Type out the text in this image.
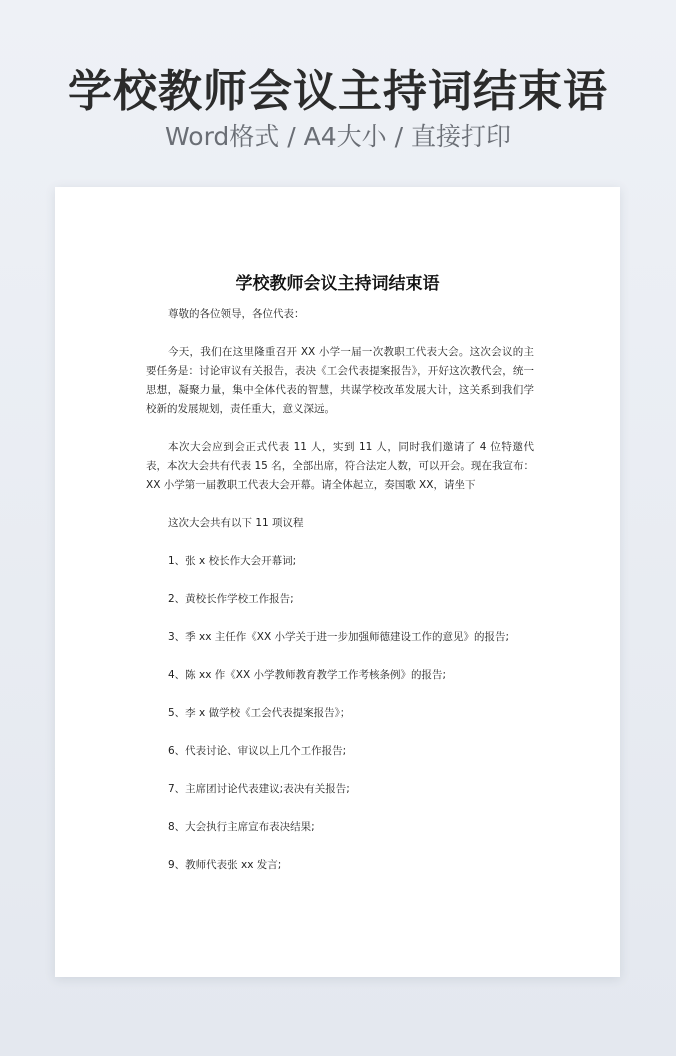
学校教师会议主持词结束语
Word格式 / A4大小 / 直接打印
学校教师会议主持词结束语

尊敬的各位领导，各位代表：

今天，我们在这里隆重召开 XX 小学一届一次教职工代表大会。这次会议的主要任务是：讨论审议有关报告，表决《工会代表提案报告》，开好这次教代会，统一思想，凝聚力量，集中全体代表的智慧，共谋学校改革发展大计，这关系到我们学校新的发展规划，责任重大，意义深远。

本次大会应到会正式代表 11 人，实到 11 人，同时我们邀请了 4 位特邀代表，本次大会共有代表 15 名，全部出席，符合法定人数，可以开会。现在我宣布：XX 小学第一届教职工代表大会开幕。请全体起立，奏国歌 XX，请坐下

这次大会共有以下 11 项议程

1、张 x 校长作大会开幕词;

2、黄校长作学校工作报告;

3、季 xx 主任作《XX 小学关于进一步加强师德建设工作的意见》的报告;

4、陈 xx 作《XX 小学教师教育教学工作考核条例》的报告;

5、李 x 做学校《工会代表提案报告》；

6、代表讨论、审议以上几个工作报告;

7、主席团讨论代表建议;表决有关报告;

8、大会执行主席宣布表决结果;

9、教师代表张 xx 发言;
